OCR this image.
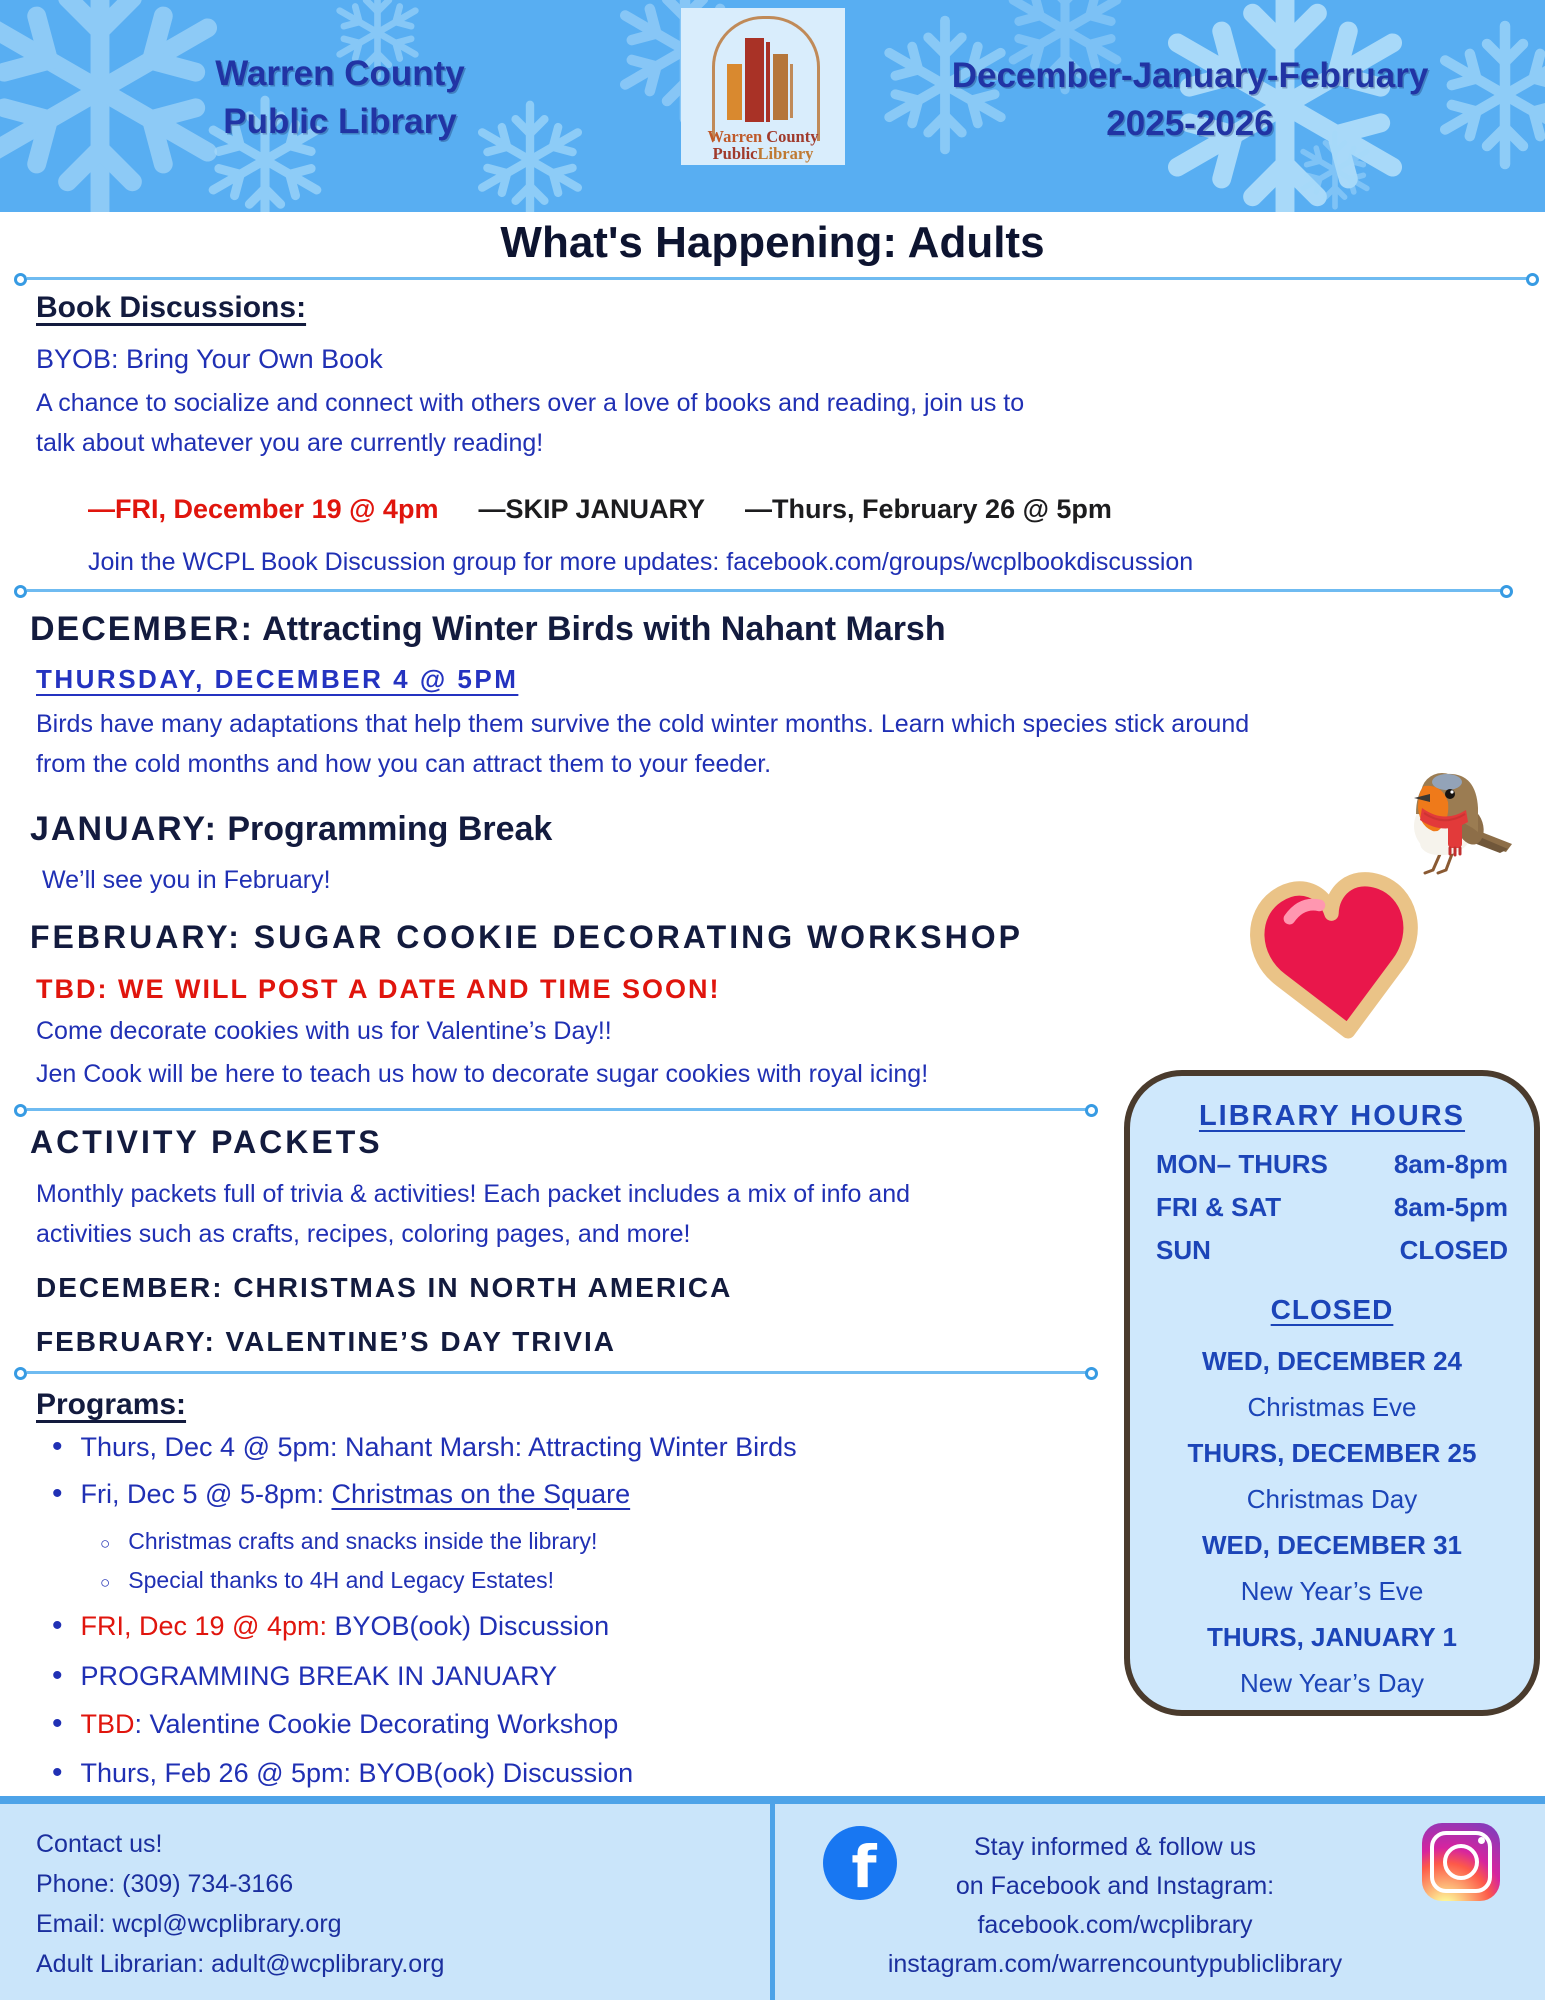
Warren County
Public Library	Warren County
PublicLibrary
December-January-February
2025-2026
What's Happening: Adults
Book Discussions:
BYOB: Bring Your Own Book
A chance to socialize and connect with others over a love of books and reading, join us to
talk about whatever you are currently reading!
—FRI, December 19 @ 4pm —SKIP JANUARY —Thurs, February 26 @ 5pm
Join the WCPL Book Discussion group for more updates: facebook.com/groups/wcplbookdiscussion
DECEMBER: Attracting Winter Birds with Nahant Marsh
THURSDAY, DECEMBER 4 @ 5PM
Birds have many adaptations that help them survive the cold winter months. Learn which species stick around
from the cold months and how you can attract them to your feeder.
JANUARY: Programming Break
We’ll see you in February!
FEBRUARY: SUGAR COOKIE DECORATING WORKSHOP
TBD: WE WILL POST A DATE AND TIME SOON!
Come decorate cookies with us for Valentine’s Day!!
Jen Cook will be here to teach us how to decorate sugar cookies with royal icing!
ACTIVITY PACKETS
Monthly packets full of trivia & activities! Each packet includes a mix of info and
activities such as crafts, recipes, coloring pages, and more!
DECEMBER: CHRISTMAS IN NORTH AMERICA
FEBRUARY: VALENTINE’S DAY TRIVIA
Programs:
•
Thurs, Dec 4 @ 5pm: Nahant Marsh: Attracting Winter Birds
•
Fri, Dec 5 @ 5-8pm: Christmas on the Square
○
Christmas crafts and snacks inside the library!
○
Special thanks to 4H and Legacy Estates!
•
FRI, Dec 19 @ 4pm: BYOB(ook) Discussion
•
PROGRAMMING BREAK IN JANUARY
•
TBD: Valentine Cookie Decorating Workshop
•
Thurs, Feb 26 @ 5pm: BYOB(ook) Discussion
LIBRARY HOURS
MON– THURS	8am-8pm
FRI & SAT	8am-5pm
SUN	CLOSED
CLOSED
WED, DECEMBER 24
Christmas Eve
THURS, DECEMBER 25
Christmas Day
WED, DECEMBER 31
New Year’s Eve
THURS, JANUARY 1
New Year’s Day
Contact us!
Phone: (309) 734-3166
Email: wcpl@wcplibrary.org
Adult Librarian: adult@wcplibrary.org
f	Stay informed & follow us
on Facebook and Instagram:
facebook.com/wcplibrary
instagram.com/warrencountypubliclibrary
